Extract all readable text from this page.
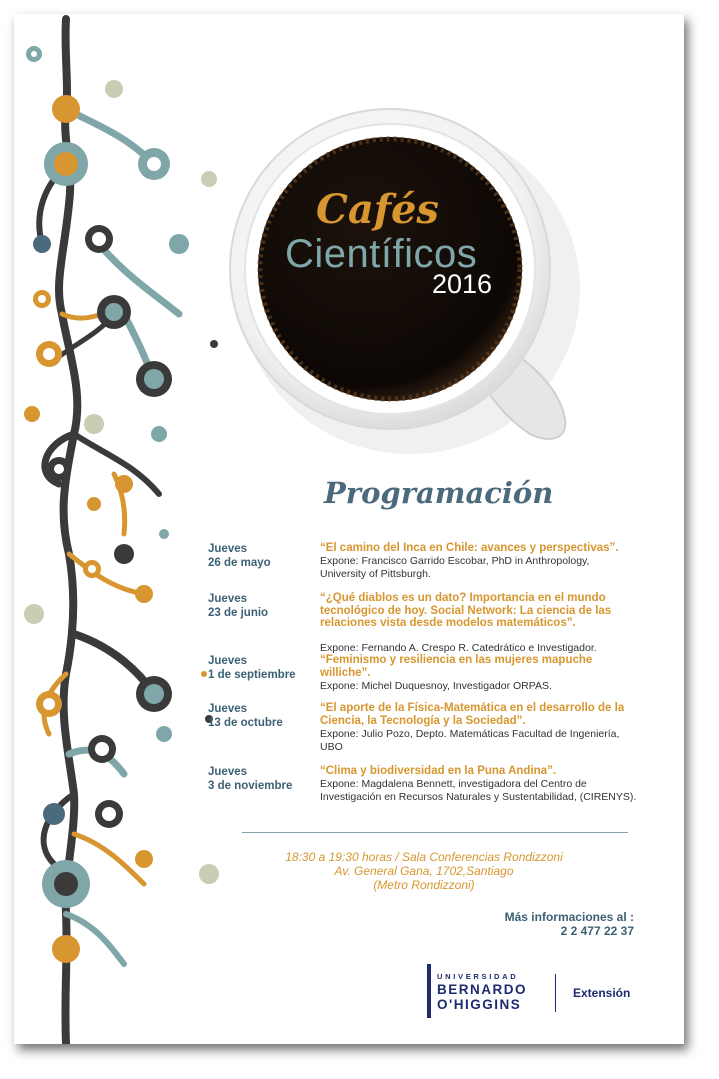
Cafés
Científicos
2016
Programación
Jueves
26 de mayo
“El camino del Inca en Chile: avances y perspectivas”.
Expone: Francisco Garrido Escobar, PhD in Anthropology, University of Pittsburgh.
Jueves
23 de junio
“¿Qué diablos es un dato? Importancia en el mundo tecnológico de hoy. Social Network: La ciencia de las relaciones vista desde modelos matemáticos”.
Expone: Fernando A. Crespo R. Catedrático e Investigador.
Jueves
1 de septiembre
“Feminismo y resiliencia en las mujeres mapuche williche”.
Expone: Michel Duquesnoy, Investigador ORPAS.
Jueves
13 de octubre
“El aporte de la Física-Matemática en el desarrollo de la Ciencia, la Tecnología y la Sociedad”.
Expone: Julio Pozo, Depto. Matemáticas Facultad de Ingeniería, UBO
Jueves
3 de noviembre
“Clima y biodiversidad en la Puna Andina”.
Expone: Magdalena Bennett, investigadora del Centro de Investigación en Recursos Naturales y Sustentabilidad, (CIRENYS).
18:30 a 19:30 horas / Sala Conferencias Rondizzoni
Av. General Gana, 1702,Santiago
(Metro Rondizzoni)
Más informaciones al :
2 2 477 22 37
UNIVERSIDAD
BERNARDO
O'HIGGINS
Extensión
